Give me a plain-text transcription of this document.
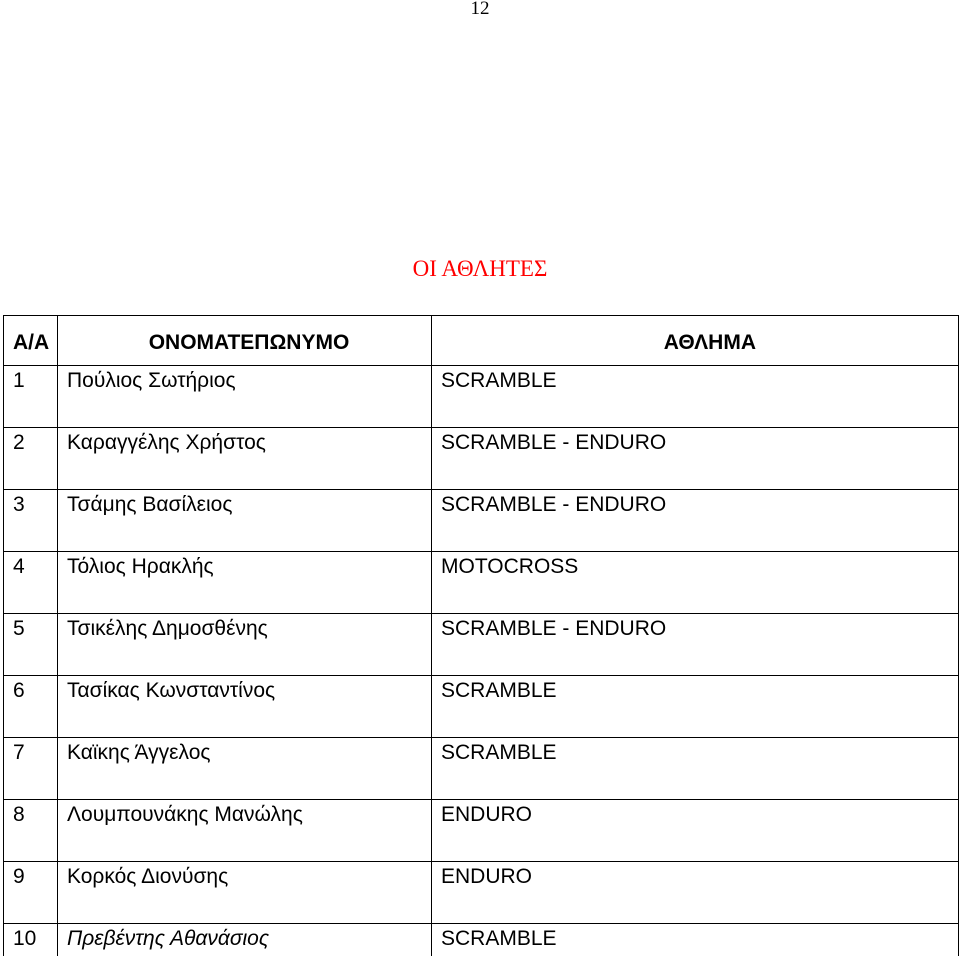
12
ΟΙ ΑΘΛΗΤΕΣ
Α/Α	ΟΝΟΜΑΤΕΠΩΝΥΜΟ	ΑΘΛΗΜΑ
1	Πούλιος Σωτήριος	SCRAMBLE
2	Καραγγέλης Χρήστος	SCRAMBLE - ENDURO
3	Τσάμης Βασίλειος	SCRAMBLE - ENDURO
4	Τόλιος Ηρακλής	MOTOCROSS
5	Τσικέλης Δημοσθένης	SCRAMBLE - ENDURO
6	Τασίκας Κωνσταντίνος	SCRAMBLE
7	Καϊκης Άγγελος	SCRAMBLE
8	Λουμπουνάκης Μανώλης	ENDURO
9	Κορκός Διονύσης	ENDURO
10	Πρεβέντης Αθανάσιος	SCRAMBLE
